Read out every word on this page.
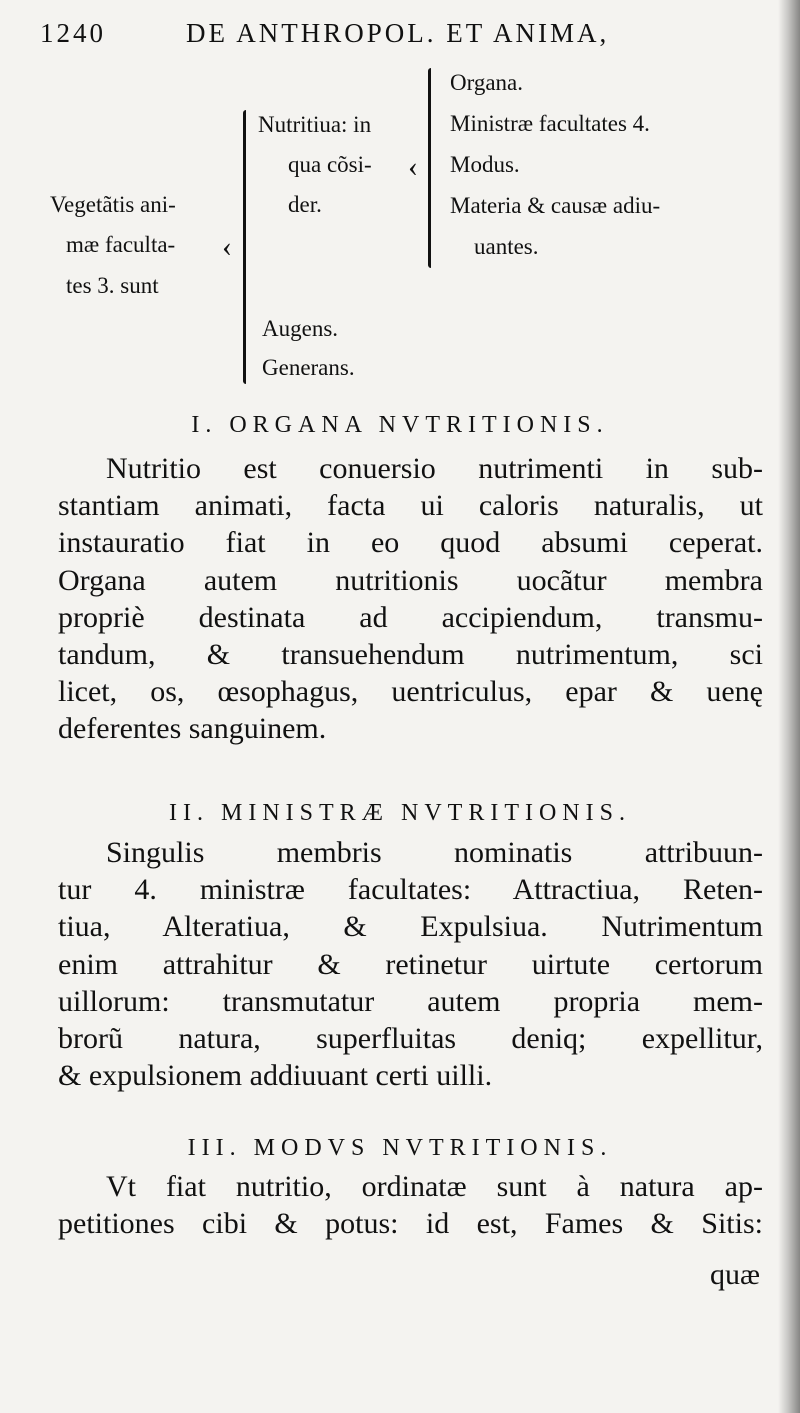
1240	DE ANTHROPOL. ET ANIMA,
Vegetãtis ani-
mæ faculta-
tes 3. sunt
‹
Nutritiua: in
qua cõsi-
der.
‹
Organa.
Ministræ facultates 4.
Modus.
Materia & causæ adiu-
uantes.
Augens.
Generans.
I. ORGANA NVTRITIONIS.
Nutritio est conuersio nutrimenti in sub-
stantiam animati, facta ui caloris naturalis, ut
instauratio fiat in eo quod absumi ceperat.
Organa autem nutritionis uocãtur membra
propriè destinata ad accipiendum, transmu-
tandum, & transuehendum nutrimentum, sci
licet, os, œsophagus, uentriculus, epar & uenę
deferentes sanguinem.
II. MINISTRÆ NVTRITIONIS.
Singulis membris nominatis attribuun-
tur 4. ministræ facultates: Attractiua, Reten-
tiua, Alteratiua, & Expulsiua. Nutrimentum
enim attrahitur & retinetur uirtute certorum
uillorum: transmutatur autem propria mem-
brorũ natura, superfluitas deniq; expellitur,
& expulsionem addiuuant certi uilli.
III. MODVS NVTRITIONIS.
Vt fiat nutritio, ordinatæ sunt à natura ap-
petitiones cibi & potus: id est, Fames & Sitis:
quæ
